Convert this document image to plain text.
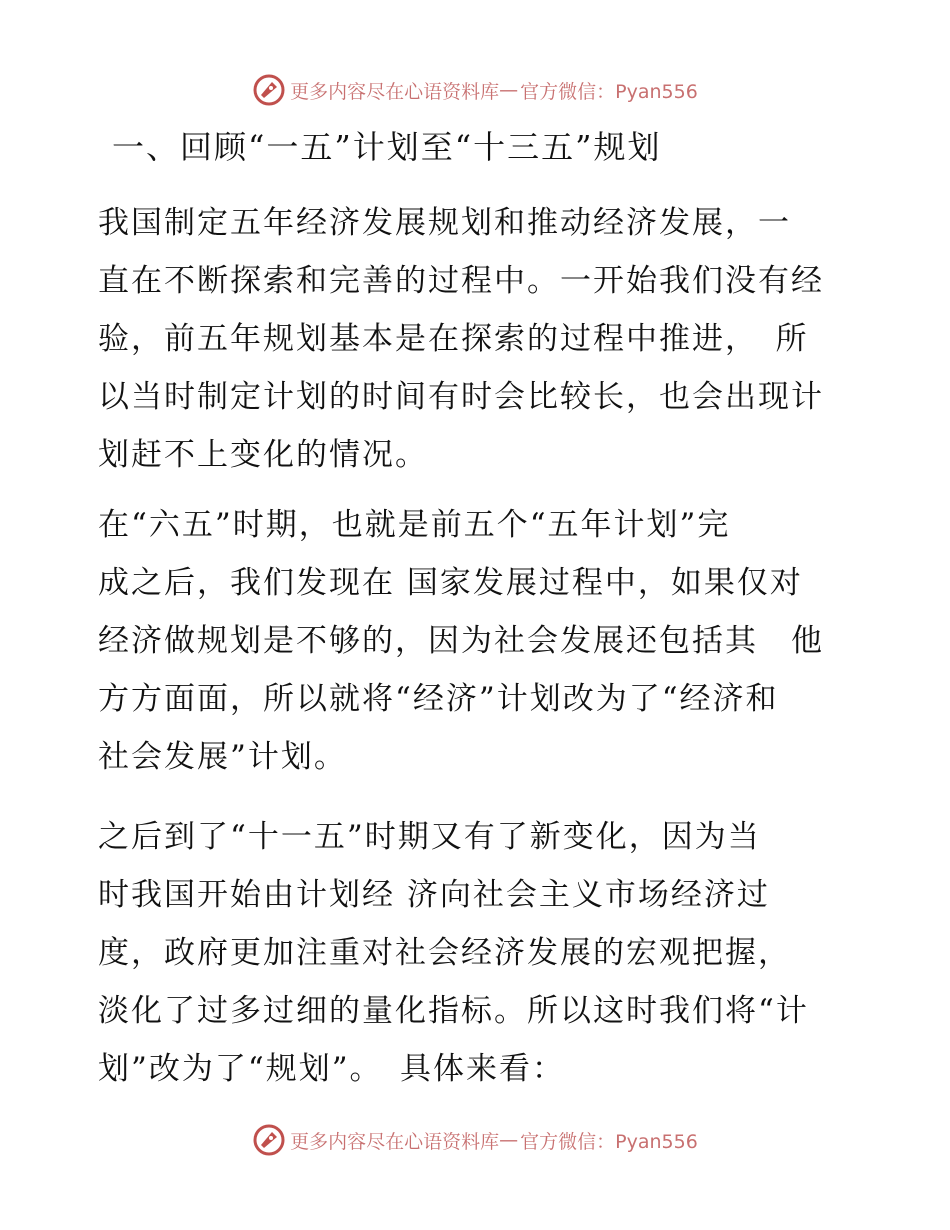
更多内容尽在心语资料库 — 官方微信：Pyan556
一、回顾“一五”计划至“十三五”规划
我国制定五年经济发展规划和推动经济发展，一
直在不断探索和完善的过程中。一开始我们没有经
验，前五年规划基本是在探索的过程中推进，　所
以当时制定计划的时间有时会比较长，也会出现计
划赶不上变化的情况。
在“六五”时期，也就是前五个“五年计划”完
成之后，我们发现在 国家发展过程中，如果仅对
经济做规划是不够的，因为社会发展还包括其　他
方方面面，所以就将“经济”计划改为了“经济和
社会发展”计划。
之后到了“十一五”时期又有了新变化，因为当
时我国开始由计划经 济向社会主义市场经济过
度，政府更加注重对社会经济发展的宏观把握，
淡化了过多过细的量化指标。所以这时我们将“计
划”改为了“规划”。　具体来看：
更多内容尽在心语资料库 — 官方微信：Pyan556
